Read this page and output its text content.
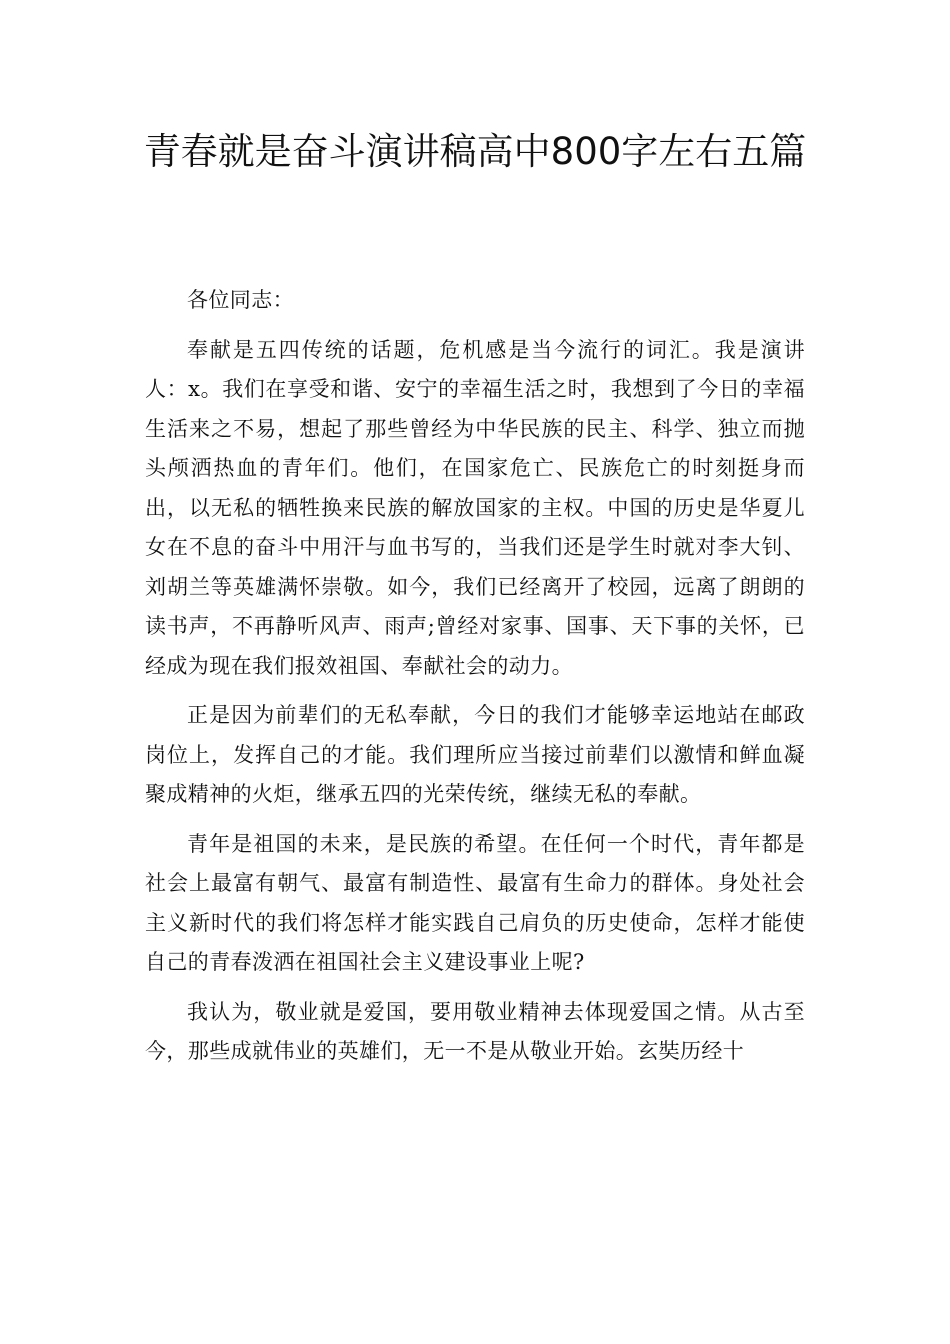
青春就是奋斗演讲稿高中800字左右五篇

各位同志：

奉献是五四传统的话题，危机感是当今流行的词汇。我是演讲人：x。我们在享受和谐、安宁的幸福生活之时，我想到了今日的幸福生活来之不易，想起了那些曾经为中华民族的民主、科学、独立而抛头颅洒热血的青年们。他们，在国家危亡、民族危亡的时刻挺身而出，以无私的牺牲换来民族的解放国家的主权。中国的历史是华夏儿女在不息的奋斗中用汗与血书写的，当我们还是学生时就对李大钊、刘胡兰等英雄满怀崇敬。如今，我们已经离开了校园，远离了朗朗的读书声，不再静听风声、雨声;曾经对家事、国事、天下事的关怀，已经成为现在我们报效祖国、奉献社会的动力。

正是因为前辈们的无私奉献，今日的我们才能够幸运地站在邮政岗位上，发挥自己的才能。我们理所应当接过前辈们以激情和鲜血凝聚成精神的火炬，继承五四的光荣传统，继续无私的奉献。

青年是祖国的未来，是民族的希望。在任何一个时代，青年都是社会上最富有朝气、最富有制造性、最富有生命力的群体。身处社会主义新时代的我们将怎样才能实践自己肩负的历史使命，怎样才能使自己的青春泼洒在祖国社会主义建设事业上呢?

我认为，敬业就是爱国，要用敬业精神去体现爱国之情。从古至今，那些成就伟业的英雄们，无一不是从敬业开始。玄奘历经十
